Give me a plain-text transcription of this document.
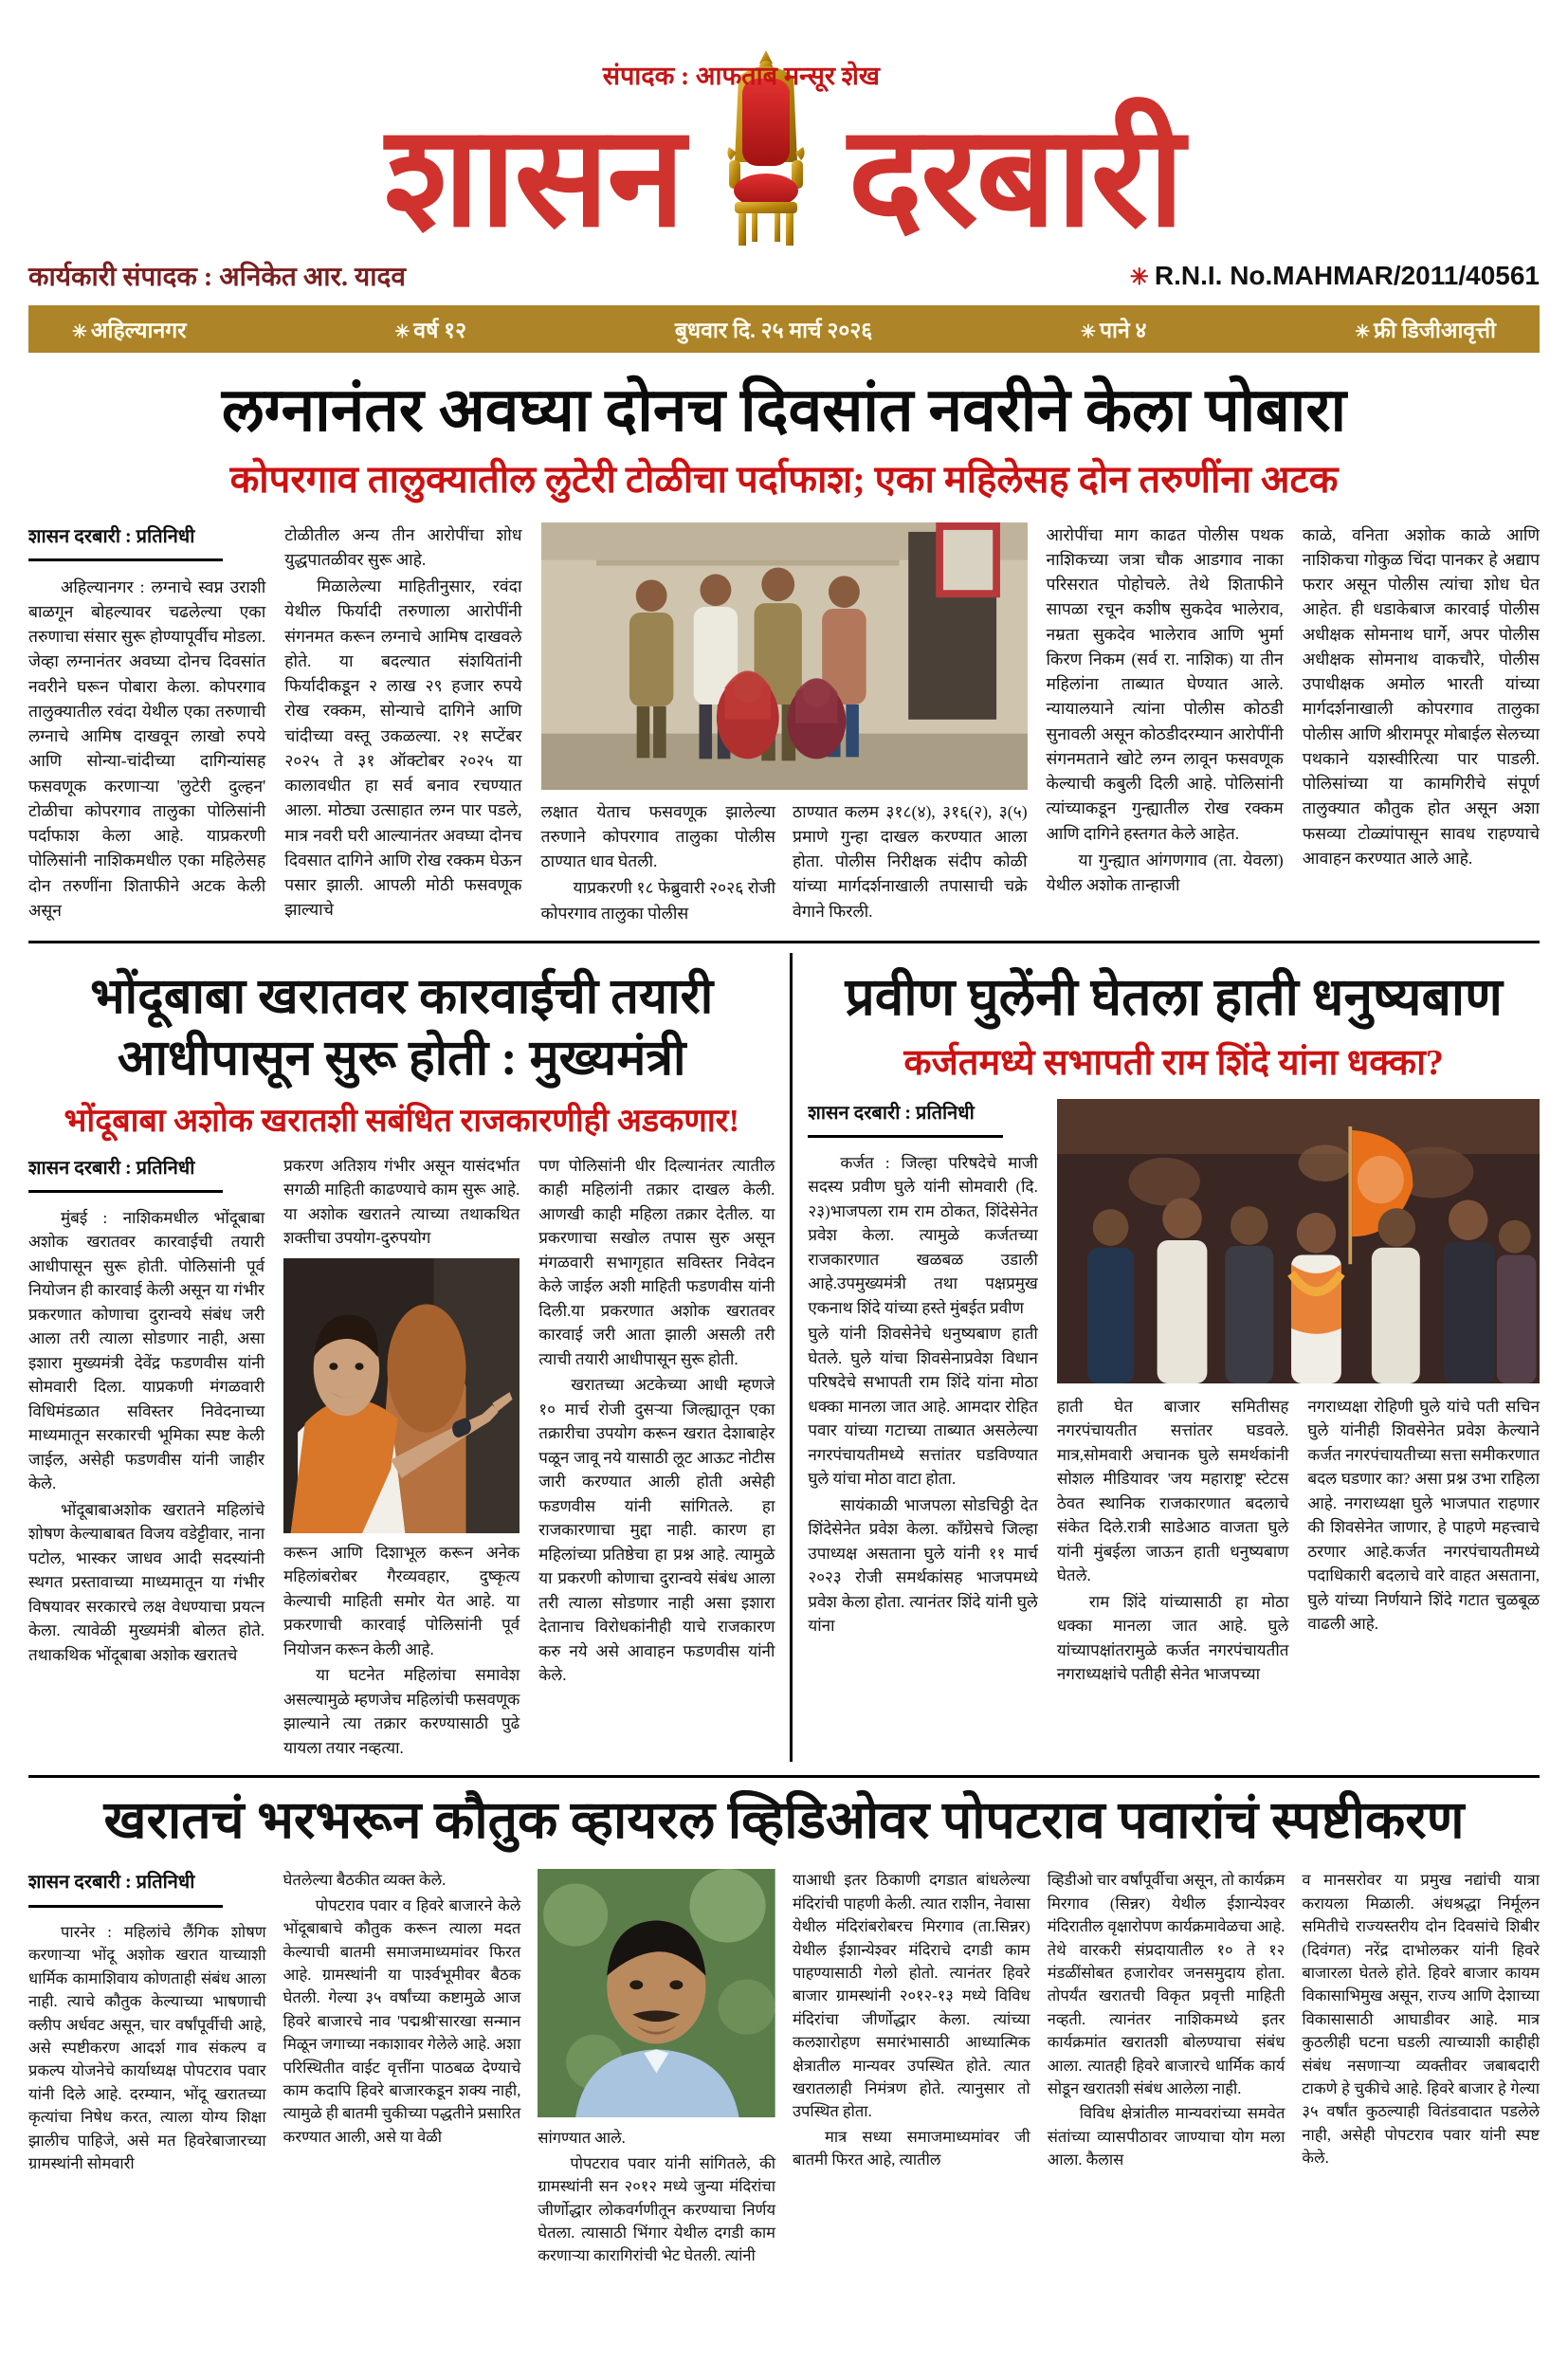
संपादक : आफताब मन्सूर शेख
शासन दरबारी
कार्यकारी संपादक : अनिकेत आर. यादव	✳ R.N.I. No.MAHMAR/2011/40561
✳ अहिल्यानगर	✳ वर्ष १२	बुधवार दि. २५ मार्च २०२६	✳ पाने ४	✳ फ्री डिजीआवृत्ती
लग्नानंतर अवघ्या दोनच दिवसांत नवरीने केला पोबारा
कोपरगाव तालुक्यातील लुटेरी टोळीचा पर्दाफाश; एका महिलेसह दोन तरुणींना अटक
शासन दरबारी : प्रतिनिधी

अहिल्यानगर : लग्नाचे स्वप्न उराशी बाळगून बोहल्यावर चढलेल्या एका तरुणाचा संसार सुरू होण्यापूर्वीच मोडला. जेव्हा लग्नानंतर अवघ्या दोनच दिवसांत नवरीने घरून पोबारा केला. कोपरगाव तालुक्यातील रवंदा येथील एका तरुणाची लग्नाचे आमिष दाखवून लाखो रुपये आणि सोन्या-चांदीच्या दागिन्यांसह फसवणूक करणाऱ्या 'लुटेरी दुल्हन' टोळीचा कोपरगाव तालुका पोलिसांनी पर्दाफाश केला आहे. याप्रकरणी पोलिसांनी नाशिकमधील एका महिलेसह दोन तरुणींना शिताफीने अटक केली असून

टोळीतील अन्य तीन आरोपींचा शोध युद्धपातळीवर सुरू आहे.

मिळालेल्या माहितीनुसार, रवंदा येथील फिर्यादी तरुणाला आरोपींनी संगनमत करून लग्नाचे आमिष दाखवले होते. या बदल्यात संशयितांनी फिर्यादीकडून २ लाख २९ हजार रुपये रोख रक्कम, सोन्याचे दागिने आणि चांदीच्या वस्तू उकळल्या. २१ सप्टेंबर २०२५ ते ३१ ऑक्टोबर २०२५ या कालावधीत हा सर्व बनाव रचण्यात आला. मोठ्या उत्साहात लग्न पार पडले, मात्र नवरी घरी आल्यानंतर अवघ्या दोनच दिवसात दागिने आणि रोख रक्कम घेऊन पसार झाली. आपली मोठी फसवणूक झाल्याचे

लक्षात येताच फसवणूक झालेल्या तरुणाने कोपरगाव तालुका पोलीस ठाण्यात धाव घेतली.

याप्रकरणी १८ फेब्रुवारी २०२६ रोजी कोपरगाव तालुका पोलीस

ठाण्यात कलम ३१८(४), ३१६(२), ३(५) प्रमाणे गुन्हा दाखल करण्यात आला होता. पोलीस निरीक्षक संदीप कोळी यांच्या मार्गदर्शनाखाली तपासाची चक्रे वेगाने फिरली.

आरोपींचा माग काढत पोलीस पथक नाशिकच्या जत्रा चौक आडगाव नाका परिसरात पोहोचले. तेथे शिताफीने सापळा रचून कशीष सुकदेव भालेराव, नम्रता सुकदेव भालेराव आणि भुर्मा किरण निकम (सर्व रा. नाशिक) या तीन महिलांना ताब्यात घेण्यात आले. न्यायालयाने त्यांना पोलीस कोठडी सुनावली असून कोठडीदरम्यान आरोपींनी संगनमताने खोटे लग्न लावून फसवणूक केल्याची कबुली दिली आहे. पोलिसांनी त्यांच्याकडून गुन्ह्यातील रोख रक्कम आणि दागिने हस्तगत केले आहेत.

या गुन्ह्यात आंगणगाव (ता. येवला) येथील अशोक तान्हाजी

काळे, वनिता अशोक काळे आणि नाशिकचा गोकुळ चिंदा पानकर हे अद्याप फरार असून पोलीस त्यांचा शोध घेत आहेत. ही धडाकेबाज कारवाई पोलीस अधीक्षक सोमनाथ घार्गे, अपर पोलीस अधीक्षक सोमनाथ वाकचौरे, पोलीस उपाधीक्षक अमोल भारती यांच्या मार्गदर्शनाखाली कोपरगाव तालुका पोलीस आणि श्रीरामपूर मोबाईल सेलच्या पथकाने यशस्वीरित्या पार पाडली. पोलिसांच्या या कामगिरीचे संपूर्ण तालुक्यात कौतुक होत असून अशा फसव्या टोळ्यांपासून सावध राहण्याचे आवाहन करण्यात आले आहे.

भोंदूबाबा खरातवर कारवाईची तयारी आधीपासून सुरू होती : मुख्यमंत्री
भोंदूबाबा अशोक खरातशी सबंधित राजकारणीही अडकणार!
शासन दरबारी : प्रतिनिधी

मुंबई : नाशिकमधील भोंदूबाबा अशोक खरातवर कारवाईची तयारी आधीपासून सुरू होती. पोलिसांनी पूर्व नियोजन ही कारवाई केली असून या गंभीर प्रकरणात कोणाचा दुरान्वये संबंध जरी आला तरी त्याला सोडणार नाही, असा इशारा मुख्यमंत्री देवेंद्र फडणवीस यांनी सोमवारी दिला. याप्रकणी मंगळवारी विधिमंडळात सविस्तर निवेदनाच्या माध्यमातून सरकारची भूमिका स्पष्ट केली जाईल, असेही फडणवीस यांनी जाहीर केले.

भोंदूबाबाअशोक खरातने महिलांचे शोषण केल्याबाबत विजय वडेट्टीवार, नाना पटोल, भास्कर जाधव आदी सदस्यांनी स्थगत प्रस्तावाच्या माध्यमातून या गंभीर विषयावर सरकारचे लक्ष वेधण्याचा प्रयत्न केला. त्यावेळी मुख्यमंत्री बोलत होते. तथाकथिक भोंदूबाबा अशोक खरातचे

प्रकरण अतिशय गंभीर असून यासंदर्भात सगळी माहिती काढण्याचे काम सुरू आहे. या अशोक खरातने त्याच्या तथाकथित शक्तीचा उपयोग-दुरुपयोग

करून आणि दिशाभूल करून अनेक महिलांबरोबर गैरव्यवहार, दुष्कृत्य केल्याची माहिती समोर येत आहे. या प्रकरणाची कारवाई पोलिसांनी पूर्व नियोजन करून केली आहे.

या घटनेत महिलांचा समावेश असल्यामुळे म्हणजेच महिलांची फसवणूक झाल्याने त्या तक्रार करण्यासाठी पुढे यायला तयार नव्हत्या.

पण पोलिसांनी धीर दिल्यानंतर त्यातील काही महिलांनी तक्रार दाखल केली. आणखी काही महिला तक्रार देतील. या प्रकरणाचा सखोल तपास सुरु असून मंगळवारी सभागृहात सविस्तर निवेदन केले जाईल अशी माहिती फडणवीस यांनी दिली.या प्रकरणात अशोक खरातवर कारवाई जरी आता झाली असली तरी त्याची तयारी आधीपासून सुरू होती.

खरातच्या अटकेच्या आधी म्हणजे १० मार्च रोजी दुसऱ्या जिल्ह्यातून एका तक्रारीचा उपयोग करून खरात देशाबाहेर पळून जावू नये यासाठी लूट आऊट नोटीस जारी करण्यात आली होती असेही फडणवीस यांनी सांगितले. हा राजकारणाचा मुद्दा नाही. कारण हा महिलांच्या प्रतिष्ठेचा हा प्रश्न आहे. त्यामुळे या प्रकरणी कोणाचा दुरान्वये संबंध आला तरी त्याला सोडणार नाही असा इशारा देतानाच विरोधकांनीही याचे राजकारण करु नये असे आवाहन फडणवीस यांनी केले.

प्रवीण घुलेंनी घेतला हाती धनुष्यबाण
कर्जतमध्ये सभापती राम शिंदे यांना धक्का?
शासन दरबारी : प्रतिनिधी

कर्जत : जिल्हा परिषदेचे माजी सदस्य प्रवीण घुले यांनी सोमवारी (दि. २३)भाजपला राम राम ठोकत, शिंदेसेनेत प्रवेश केला. त्यामुळे कर्जतच्या राजकारणात खळबळ उडाली आहे.उपमुख्यमंत्री तथा पक्षप्रमुख एकनाथ शिंदे यांच्या हस्ते मुंबईत प्रवीण

घुले यांनी शिवसेनेचे धनुष्यबाण हाती घेतले. घुले यांचा शिवसेनाप्रवेश विधान परिषदेचे सभापती राम शिंदे यांना मोठा धक्का मानला जात आहे. आमदार रोहित पवार यांच्या गटाच्या ताब्यात असलेल्या नगरपंचायतीमध्ये सत्तांतर घडविण्यात घुले यांचा मोठा वाटा होता.

सायंकाळी भाजपला सोडचिठ्ठी देत शिंदेसेनेत प्रवेश केला. काँग्रेसचे जिल्हा उपाध्यक्ष असताना घुले यांनी ११ मार्च २०२३ रोजी समर्थकांसह भाजपमध्ये प्रवेश केला होता. त्यानंतर शिंदे यांनी घुले यांना

हाती घेत बाजार समितीसह नगरपंचायतीत सत्तांतर घडवले. मात्र,सोमवारी अचानक घुले समर्थकांनी सोशल मीडियावर 'जय महाराष्ट्र' स्टेटस ठेवत स्थानिक राजकारणात बदलाचे संकेत दिले.रात्री साडेआठ वाजता घुले यांनी मुंबईला जाऊन हाती धनुष्यबाण घेतले.

राम शिंदे यांच्यासाठी हा मोठा धक्का मानला जात आहे. घुले यांच्यापक्षांतरामुळे कर्जत नगरपंचायतीत नगराध्यक्षांचे पतीही सेनेत भाजपच्या

नगराध्यक्षा रोहिणी घुले यांचे पती सचिन घुले यांनीही शिवसेनेत प्रवेश केल्याने कर्जत नगरपंचायतीच्या सत्ता समीकरणात बदल घडणार का? असा प्रश्न उभा राहिला आहे. नगराध्यक्षा घुले भाजपात राहणार की शिवसेनेत जाणार, हे पाहणे महत्त्वाचे ठरणार आहे.कर्जत नगरपंचायतीमध्ये पदाधिकारी बदलाचे वारे वाहत असताना, घुले यांच्या निर्णयाने शिंदे गटात चुळबूळ वाढली आहे.

खरातचं भरभरून कौतुक व्हायरल व्हिडिओवर पोपटराव पवारांचं स्पष्टीकरण
शासन दरबारी : प्रतिनिधी

पारनेर : महिलांचे लैंगिक शोषण करणाऱ्या भोंदू अशोक खरात याच्याशी धार्मिक कामाशिवाय कोणताही संबंध आला नाही. त्याचे कौतुक केल्याच्या भाषणाची क्लीप अर्धवट असून, चार वर्षांपूर्वीची आहे, असे स्पष्टीकरण आदर्श गाव संकल्प व प्रकल्प योजनेचे कार्याध्यक्ष पोपटराव पवार यांनी दिले आहे. दरम्यान, भोंदू खरातच्या कृत्यांचा निषेध करत, त्याला योग्य शिक्षा झालीच पाहिजे, असे मत हिवरेबाजारच्या ग्रामस्थांनी सोमवारी

घेतलेल्या बैठकीत व्यक्त केले.

पोपटराव पवार व हिवरे बाजारने केले भोंदूबाबाचे कौतुक करून त्याला मदत केल्याची बातमी समाजमाध्यमांवर फिरत आहे. ग्रामस्थांनी या पार्श्वभूमीवर बैठक घेतली. गेल्या ३५ वर्षांच्या कष्टामुळे आज हिवरे बाजारचे नाव 'पद्मश्री'सारखा सन्मान मिळून जगाच्या नकाशावर गेलेले आहे. अशा परिस्थितीत वाईट वृत्तींना पाठबळ देण्याचे काम कदापि हिवरे बाजारकडून शक्य नाही, त्यामुळे ही बातमी चुकीच्या पद्धतीने प्रसारित करण्यात आली, असे या वेळी	सांगण्यात आले.

पोपटराव पवार यांनी सांगितले, की ग्रामस्थांनी सन २०१२ मध्ये जुन्या मंदिरांचा जीर्णोद्धार लोकवर्गणीतून करण्याचा निर्णय घेतला. त्यासाठी भिंगार येथील दगडी काम करणाऱ्या कारागिरांची भेट घेतली. त्यांनी

याआधी इतर ठिकाणी दगडात बांधलेल्या मंदिरांची पाहणी केली. त्यात राशीन, नेवासा येथील मंदिरांबरोबरच मिरगाव (ता.सिन्नर) येथील ईशान्येश्वर मंदिराचे दगडी काम पाहण्यासाठी गेलो होतो. त्यानंतर हिवरे बाजार ग्रामस्थांनी २०१२-१३ मध्ये विविध मंदिरांचा जीर्णोद्धार केला. त्यांच्या कलशारोहण समारंभासाठी आध्यात्मिक क्षेत्रातील मान्यवर उपस्थित होते. त्यात खरातलाही निमंत्रण होते. त्यानुसार तो उपस्थित होता.

मात्र सध्या समाजमाध्यमांवर जी बातमी फिरत आहे, त्यातील

व्हिडीओ चार वर्षांपूर्वीचा असून, तो कार्यक्रम मिरगाव (सिन्नर) येथील ईशान्येश्वर मंदिरातील वृक्षारोपण कार्यक्रमावेळचा आहे. तेथे वारकरी संप्रदायातील १० ते १२ मंडळींसोबत हजारोवर जनसमुदाय होता. तोपर्यंत खरातची विकृत प्रवृत्ती माहिती नव्हती. त्यानंतर नाशिकमध्ये इतर कार्यक्रमांत खरातशी बोलण्याचा संबंध आला. त्यातही हिवरे बाजारचे धार्मिक कार्य सोडून खरातशी संबंध आलेला नाही.

विविध क्षेत्रांतील मान्यवरांच्या समवेत संतांच्या व्यासपीठावर जाण्याचा योग मला आला. कैलास

व मानसरोवर या प्रमुख नद्यांची यात्रा करायला मिळाली. अंधश्रद्धा निर्मूलन समितीचे राज्यस्तरीय दोन दिवसांचे शिबीर (दिवंगत) नरेंद्र दाभोलकर यांनी हिवरे बाजारला घेतले होते. हिवरे बाजार कायम विकासाभिमुख असून, राज्य आणि देशाच्या विकासासाठी आघाडीवर आहे. मात्र कुठलीही घटना घडली त्याच्याशी काहीही संबंध नसणाऱ्या व्यक्तीवर जबाबदारी टाकणे हे चुकीचे आहे. हिवरे बाजार हे गेल्या ३५ वर्षांत कुठल्याही वितंडवादात पडलेले नाही, असेही पोपटराव पवार यांनी स्पष्ट केले.
